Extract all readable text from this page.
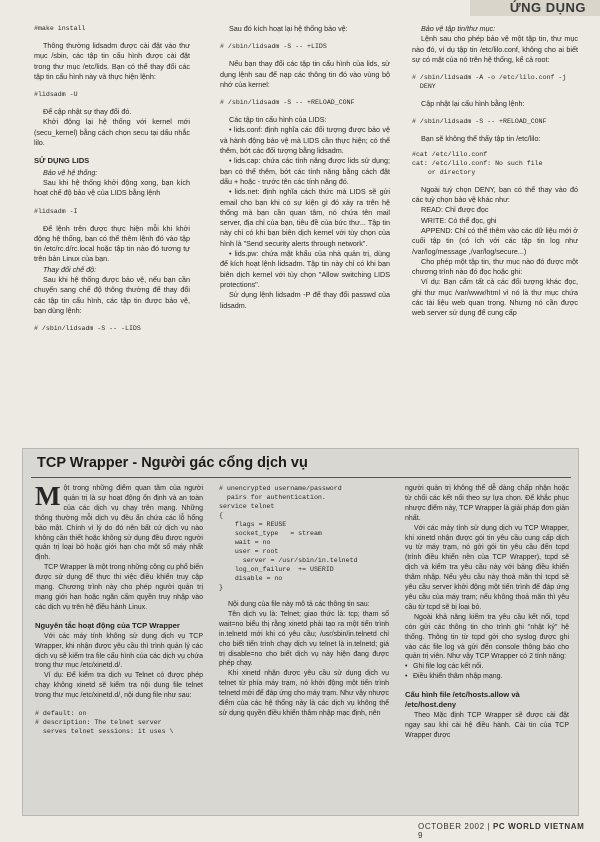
ỨNG DỤNG
#make install

Thông thường lidsadm được cài đặt vào thư mục /sbin, các tập tin cấu hình được cài đặt trong thư mục /etc/lids. Bạn có thể thay đổi các tập tin cấu hình này và thực hiện lệnh:

#lidsadm -U

Để cập nhật sự thay đổi đó.

Khởi động lại hệ thống với kernel mới (secu_kernel) bằng cách chọn secu tại dấu nhắc lilo.

SỬ DỤNG LIDS

Bảo vệ hệ thống:

Sau khi hệ thống khởi động xong, bạn kích hoạt chế độ bảo vệ của LIDS bằng lệnh

#lidsadm -I

Để lệnh trên được thực hiện mỗi khi khởi động hệ thống, bạn có thể thêm lệnh đó vào tập tin /etc/rc.d/rc.local hoặc tập tin nào đó tương tự trên bản Linux của bạn.

Thay đổi chế độ:

Sau khi hệ thống được bảo vệ, nếu bạn cần chuyển sang chế độ thông thường để thay đổi các tập tin cấu hình, các tập tin được bảo vệ, bạn dùng lệnh:

# /sbin/lidsadm -S -- -LIDS

Sau đó kích hoạt lại hệ thống bảo vệ:

# /sbin/lidsadm -S -- +LIDS

Nếu bạn thay đổi các tập tin cấu hình của lids, sử dụng lệnh sau để nạp các thông tin đó vào vùng bộ nhớ của kernel:

# /sbin/lidsadm -S -- +RELOAD_CONF

Các tập tin cấu hình của LIDS:

• lids.conf: định nghĩa các đối tượng được bảo vệ và hành động bảo vệ mà LIDS cần thực hiện; có thể thêm, bớt các đối tượng bằng lidsadm.

• lids.cap: chứa các tính năng được lids sử dụng; bạn có thể thêm, bớt các tính năng bằng cách đặt dấu + hoặc - trước tên các tính năng đó.

• lids.net: định nghĩa cách thức mà LIDS sẽ gửi email cho bạn khi có sự kiện gì đó xảy ra trên hệ thống mà bạn cần quan tâm, nó chứa tên mail server, địa chỉ của bạn, tiêu đề của bức thư... Tập tin này chỉ có khi bạn biên dịch kernel với tùy chọn của hình là "Send security alerts through network".

• lids.pw: chứa mật khẩu của nhà quản trị, dùng để kích hoạt lệnh lidsadm. Tập tin này chỉ có khi bạn biên dịch kernel với tùy chọn "Allow switching LIDS protections".

Sử dụng lệnh lidsadm -P để thay đổi passwd của lidsadm.

Bảo vệ tập tin/thư mục:

Lệnh sau cho phép bảo vệ một tập tin, thư mục nào đó, ví dụ tập tin /etc/lilo.conf, không cho ai biết sự có mặt của nó trên hệ thống, kể cả root:

# /sbin/lidsadm -A -o /etc/lilo.conf -j
DENY

Cập nhật lại cấu hình bằng lệnh:

# /sbin/lidsadm -S -- +RELOAD_CONF

Bạn sẽ không thể thấy tập tin /etc/lilo:

#cat /etc/lilo.conf
cat: /etc/lilo.conf: No such file
or directory

Ngoài tuỳ chọn DENY, bạn có thể thay vào đó các tuỳ chọn bảo vệ khác như:

READ: Chỉ được đọc

WRITE: Có thể đọc, ghi

APPEND: Chỉ có thể thêm vào các dữ liệu mới ở cuối tập tin (có ích với các tập tin log như /var/log/message ,/var/log/secure...)

Cho phép một tập tin, thư mục nào đó được một chương trình nào đó đọc hoặc ghi:

Ví dụ: Bạn cấm tất cả các đối tượng khác đọc, ghi thư mục /var/www/html vì nó là thư mục chứa các tài liệu web quan trọng. Nhưng nó cần được web server sử dụng để cung cấp

TCP Wrapper - Người gác cổng dịch vụ

Một trong những điểm quan tâm của người quản trị là sự hoạt động ổn định và an toàn của các dịch vụ chạy trên mạng. Những thông thường mỗi dịch vụ đều ẩn chứa các lỗ hổng bảo mật. Chính vì lý do đó nên bất cứ dịch vụ nào không cần thiết hoặc không sử dụng đều được người quản trị loại bỏ hoặc giới hạn cho một số máy nhất định.

TCP Wrapper là một trong những công cụ phổ biến được sử dụng để thực thi việc điều khiển truy cập mạng. Chương trình này cho phép người quản trị mạng giới hạn hoặc ngăn cấm quyền truy nhập vào các dịch vụ trên hệ điều hành Linux.

Nguyên tắc hoạt động của TCP Wrapper

Với các máy tính không sử dụng dịch vụ TCP Wrapper, khi nhận được yêu cầu thì trình quản lý các dịch vụ sẽ kiểm tra file cấu hình của các dịch vụ chứa trong thư mục /etc/xinetd.d/.

Ví dụ: Để kiểm tra dịch vụ Telnet có được phép chạy không xinetd sẽ kiểm tra nội dung file telnet trong thư mục /etc/xinetd.d/, nội dung file như sau:

# default: on
# description: The telnet server
serves telnet sessions: it uses \
# unencrypted username/password
pairs for authentication.
service telnet
{
flags = REUSE
socket_type   = stream
wait = no
user = root
server = /usr/sbin/in.telnetd
log_on_failure  += USERID
disable = no
}

Nội dung của file này mô tả các thông tin sau:

Tên dịch vụ là: Telnet; giao thức là: tcp; tham số wait=no biểu thị rằng xinetd phải tạo ra một tiến trình in.telnetd mới khi có yêu cầu; /usr/sbin/in.telnetd chỉ cho biết tiến trình chạy dịch vụ telnet là in.telnetd; giá trị disable=no cho biết dịch vụ này hiện đang được phép chạy.

Khi xinetd nhận được yêu cầu sử dụng dịch vụ telnet từ phía máy trạm, nó khởi động một tiến trình telnetd mới để đáp ứng cho máy trạm. Như vậy nhược điểm của các hệ thống này là các dịch vụ không thể sử dụng quyền điều khiển thâm nhập mạc định, nên

người quản trị không thể dễ dàng chấp nhận hoặc từ chối các kết nối theo sự lựa chọn. Để khắc phục nhược điểm này, TCP Wrapper là giải pháp đơn giản nhất.

Với các máy tính sử dụng dịch vụ TCP Wrapper, khi xinetd nhận được gói tin yêu cầu cung cấp dịch vụ từ máy trạm, nó gởi gói tin yêu cầu đến tcpd (trình điều khiển nền của TCP Wrapper), tcpd sẽ dịch và kiểm tra yêu cầu này với bảng điều khiển thâm nhập. Nếu yêu cầu này thoả mãn thì tcpd sẽ yêu cầu server khởi động một tiến trình để đáp ứng yêu cầu của máy trạm; nếu không thoả mãn thì yêu cầu từ tcpd sẽ bị loại bỏ.

Ngoài khả năng kiểm tra yêu cầu kết nối, tcpd còn gửi các thông tin cho trình ghi "nhật ký" hệ thống. Thông tin từ tcpd gởi cho syslog được ghi vào các file log và gửi đến console thông báo cho quản trị viên. Như vậy TCP Wrapper có 2 tính năng:

• Ghi file log các kết nối.

• Điều khiển thâm nhập mạng.

Cấu hình file /etc/hosts.allow và /etc/host.deny

Theo Mặc định TCP Wrapper sẽ được cài đặt ngay sau khi cài hệ điều hành. Cài tin của TCP Wrapper được

OCTOBER 2002 | PC WORLD VIETNAM    9
